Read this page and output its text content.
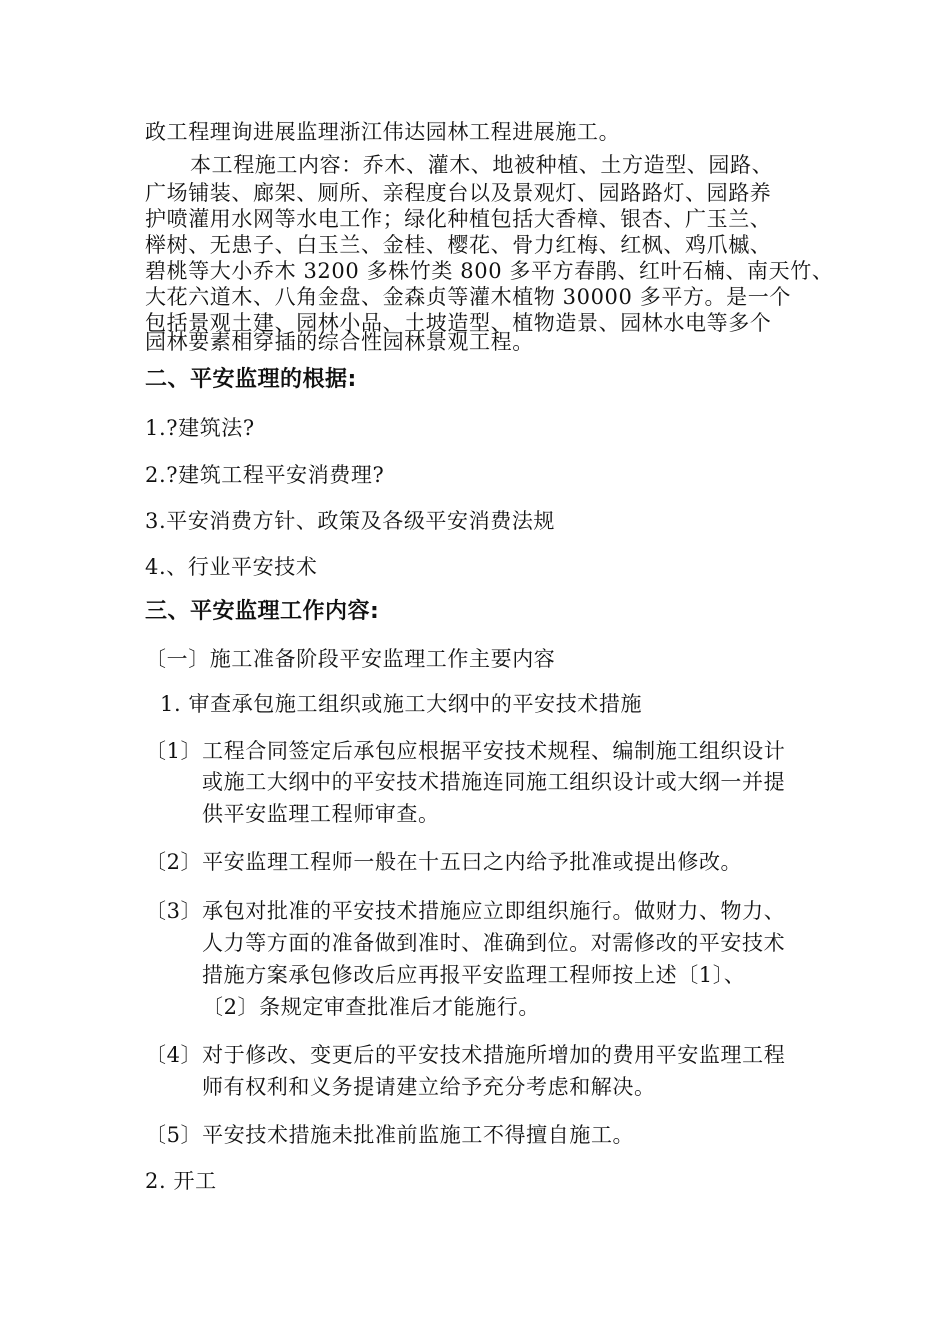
政工程理询进展监理浙江伟达园林工程进展施工。
本工程施工内容：乔木、灌木、地被种植、土方造型、园路、
广场铺装、廊架、厕所、亲程度台以及景观灯、园路路灯、园路养
护喷灌用水网等水电工作；绿化种植包括大香樟、银杏、广玉兰、
榉树、无患子、白玉兰、金桂、樱花、骨力红梅、红枫、鸡爪槭、
碧桃等大小乔木 3200 多株竹类 800 多平方春鹃、红叶石楠、南天竹、
大花六道木、八角金盘、金森贞等灌木植物 30000 多平方。是一个
包括景观土建、园林小品、土坡造型、植物造景、园林水电等多个
园林要素相穿插的综合性园林景观工程。
二、平安监理的根据:
1.?建筑法?
2.?建筑工程平安消费理?
3.平安消费方针、政策及各级平安消费法规
4.、行业平安技术
三、平安监理工作内容:
〔一〕施工准备阶段平安监理工作主要内容
1. 审查承包施工组织或施工大纲中的平安技术措施
〔1〕工程合同签定后承包应根据平安技术规程、编制施工组织设计
或施工大纲中的平安技术措施连同施工组织设计或大纲一并提
供平安监理工程师审查。
〔2〕平安监理工程师一般在十五曰之内给予批准或提出修改。
〔3〕承包对批准的平安技术措施应立即组织施行。做财力、物力、
人力等方面的准备做到准时、准确到位。对需修改的平安技术
措施方案承包修改后应再报平安监理工程师按上述〔1〕、
〔2〕条规定审查批准后才能施行。
〔4〕对于修改、变更后的平安技术措施所增加的费用平安监理工程
师有权利和义务提请建立给予充分考虑和解决。
〔5〕平安技术措施未批准前监施工不得擅自施工。
2. 开工
